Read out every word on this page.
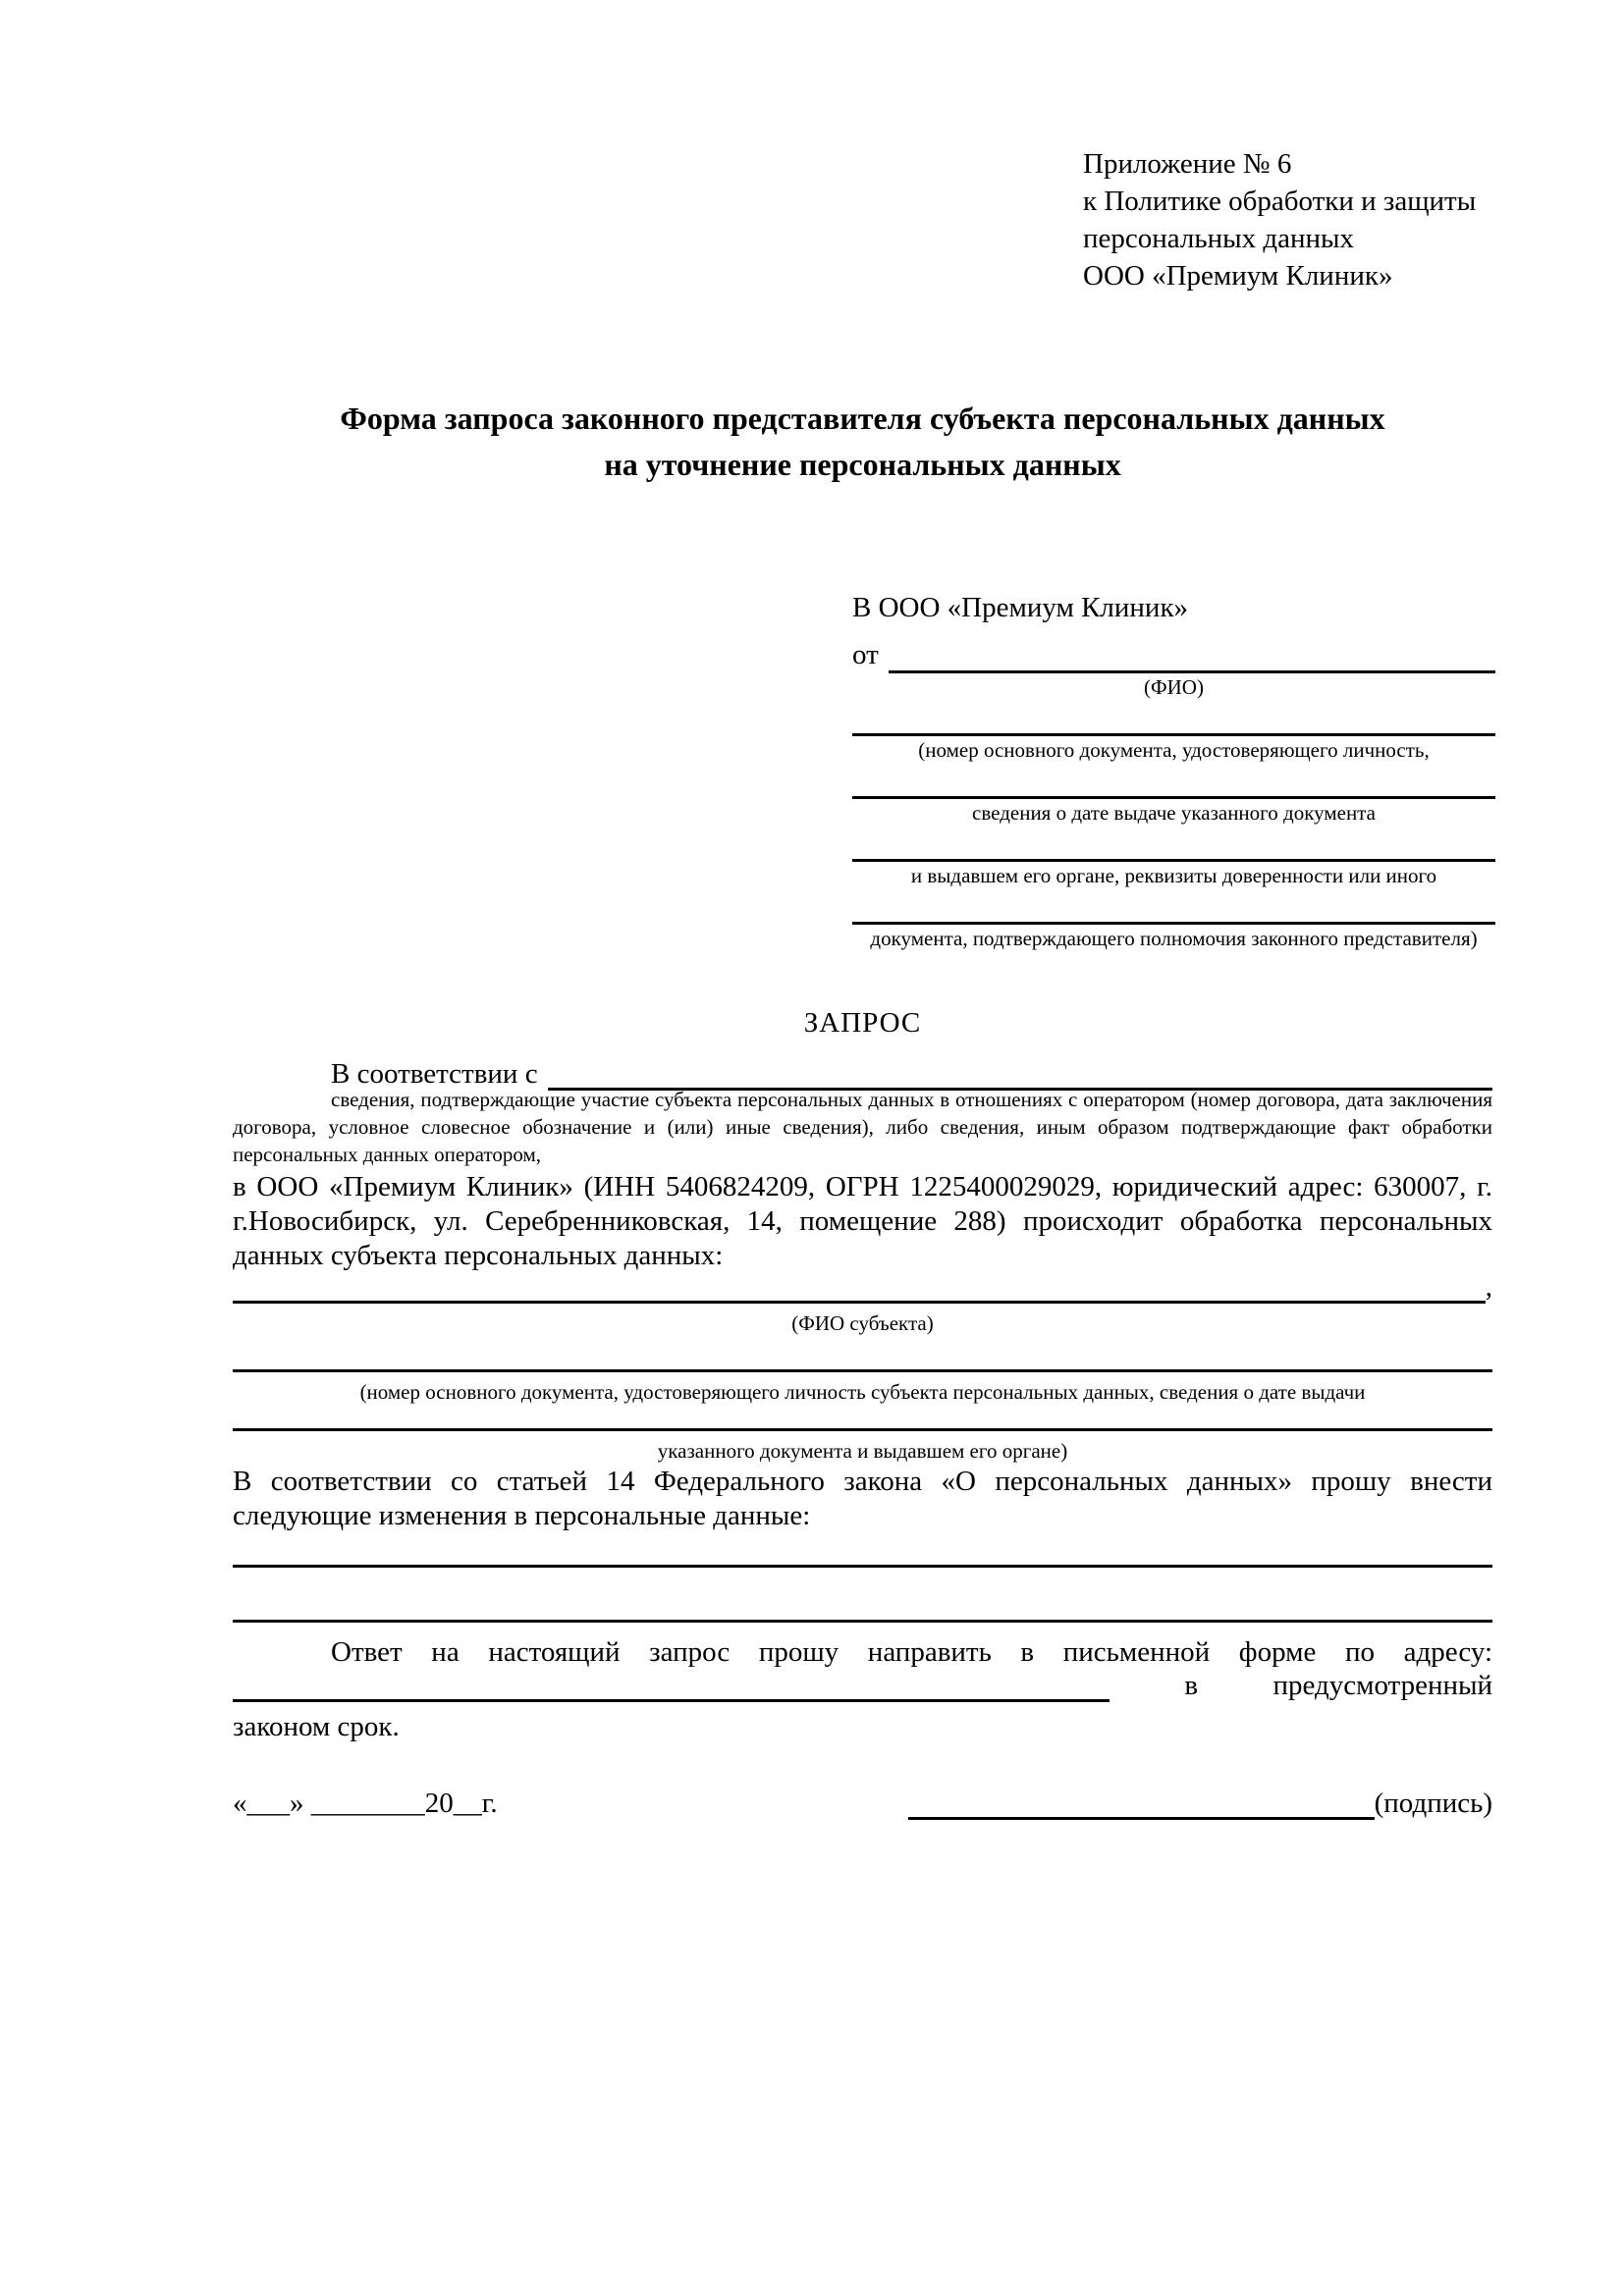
Приложение № 6
к Политике обработки и защиты
персональных данных
ООО «Премиум Клиник»
Форма запроса законного представителя субъекта персональных данных
на уточнение персональных данных
В ООО «Премиум Клиник»
от
(ФИО)
(номер основного документа, удостоверяющего личность,
сведения о дате выдаче указанного документа
и выдавшем его органе, реквизиты доверенности или иного
документа, подтверждающего полномочия законного представителя)
ЗАПРОС
В соответствии с
сведения, подтверждающие участие субъекта персональных данных в отношениях с оператором (номер договора, дата заключения договора, условное словесное обозначение и (или) иные сведения), либо сведения, иным образом подтверждающие факт обработки персональных данных оператором,
в ООО «Премиум Клиник» (ИНН 5406824209, ОГРН 1225400029029, юридический адрес: 630007, г. г.Новосибирск, ул. Серебренниковская, 14, помещение 288) происходит обработка персональных данных субъекта персональных данных:
,
(ФИО субъекта)
(номер основного документа, удостоверяющего личность субъекта персональных данных, сведения о дате выдачи
указанного документа и выдавшем его органе)
В соответствии со статьей 14 Федерального закона «О персональных данных» прошу внести следующие изменения в персональные данные:
Ответ на настоящий запрос прошу направить в письменной форме по адресу:
в	предусмотренный
законом срок.
«___» ________20__г.	(подпись)
